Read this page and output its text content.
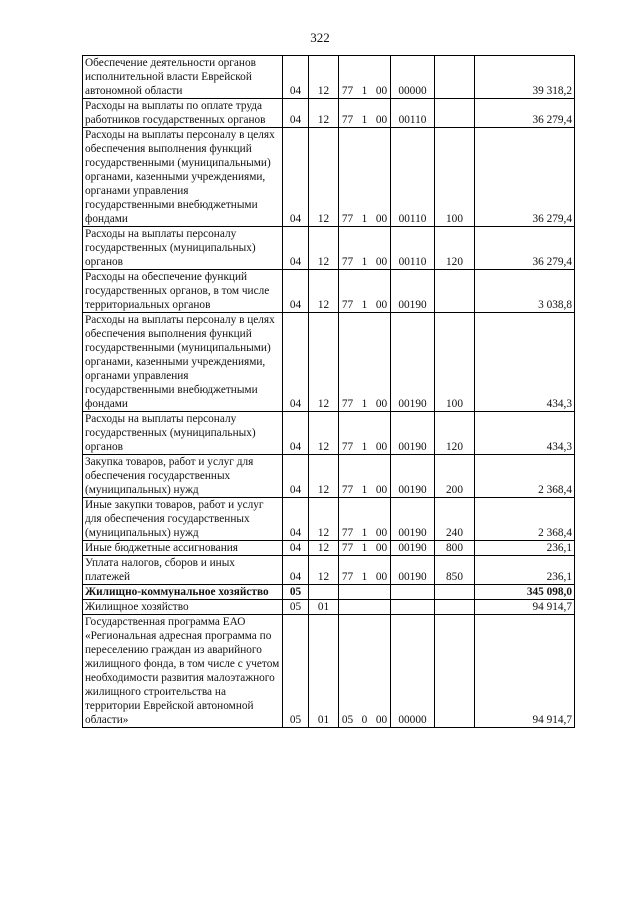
322
Обеспечение деятельности органов исполнительной власти Еврейской автономной области	04	12	77 1 00	00000		39 318,2
Расходы на выплаты по оплате труда работников государственных органов	04	12	77 1 00	00110		36 279,4
Расходы на выплаты персоналу в целях обеспечения выполнения функций государственными (муниципальными) органами, казенными учреждениями, органами управления государственными внебюджетными фондами	04	12	77 1 00	00110	100	36 279,4
Расходы на выплаты персоналу государственных (муниципальных) органов	04	12	77 1 00	00110	120	36 279,4
Расходы на обеспечение функций государственных органов, в том числе территориальных органов	04	12	77 1 00	00190		3 038,8
Расходы на выплаты персоналу в целях обеспечения выполнения функций государственными (муниципальными) органами, казенными учреждениями, органами управления государственными внебюджетными фондами	04	12	77 1 00	00190	100	434,3
Расходы на выплаты персоналу государственных (муниципальных) органов	04	12	77 1 00	00190	120	434,3
Закупка товаров, работ и услуг для обеспечения государственных (муниципальных) нужд	04	12	77 1 00	00190	200	2 368,4
Иные закупки товаров, работ и услуг для обеспечения государственных (муниципальных) нужд	04	12	77 1 00	00190	240	2 368,4
Иные бюджетные ассигнования	04	12	77 1 00	00190	800	236,1
Уплата налогов, сборов и иных платежей	04	12	77 1 00	00190	850	236,1
Жилищно-коммунальное хозяйство	05					345 098,0
Жилищное хозяйство	05	01				94 914,7
Государственная программа ЕАО «Региональная адресная программа по переселению граждан из аварийного жилищного фонда, в том числе с учетом необходимости развития малоэтажного жилищного строительства на территории Еврейской автономной области»	05	01	05 0 00	00000		94 914,7
